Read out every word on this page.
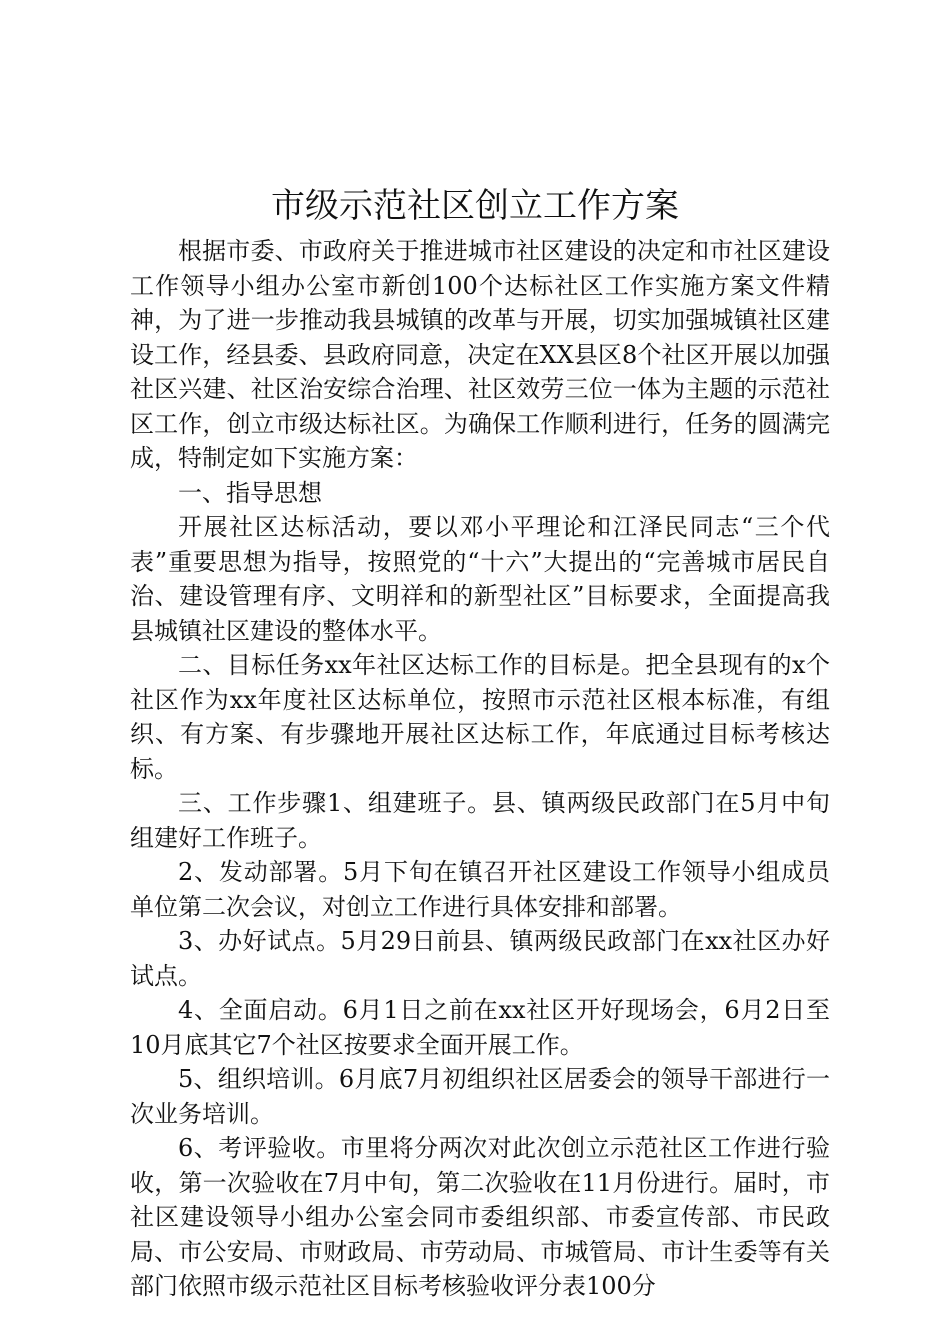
市级示范社区创立工作方案

根据市委、市政府关于推进城市社区建设的决定和市社区建设工作领导小组办公室市新创100个达标社区工作实施方案文件精神，为了进一步推动我县城镇的改革与开展，切实加强城镇社区建设工作，经县委、县政府同意，决定在XX县区8个社区开展以加强社区兴建、社区治安综合治理、社区效劳三位一体为主题的示范社区工作，创立市级达标社区。为确保工作顺利进行，任务的圆满完成，特制定如下实施方案：

一、指导思想

开展社区达标活动，要以邓小平理论和江泽民同志“三个代表”重要思想为指导，按照党的“十六”大提出的“完善城市居民自治、建设管理有序、文明祥和的新型社区”目标要求，全面提高我县城镇社区建设的整体水平。

二、目标任务xx年社区达标工作的目标是。把全县现有的x个社区作为xx年度社区达标单位，按照市示范社区根本标准，有组织、有方案、有步骤地开展社区达标工作，年底通过目标考核达标。

三、工作步骤1、组建班子。县、镇两级民政部门在5月中旬组建好工作班子。

2、发动部署。5月下旬在镇召开社区建设工作领导小组成员单位第二次会议，对创立工作进行具体安排和部署。

3、办好试点。5月29日前县、镇两级民政部门在xx社区办好试点。

4、全面启动。6月1日之前在xx社区开好现场会，6月2日至10月底其它7个社区按要求全面开展工作。

5、组织培训。6月底7月初组织社区居委会的领导干部进行一次业务培训。

6、考评验收。市里将分两次对此次创立示范社区工作进行验收，第一次验收在7月中旬，第二次验收在11月份进行。届时，市社区建设领导小组办公室会同市委组织部、市委宣传部、市民政局、市公安局、市财政局、市劳动局、市城管局、市计生委等有关部门依照市级示范社区目标考核验收评分表100分
